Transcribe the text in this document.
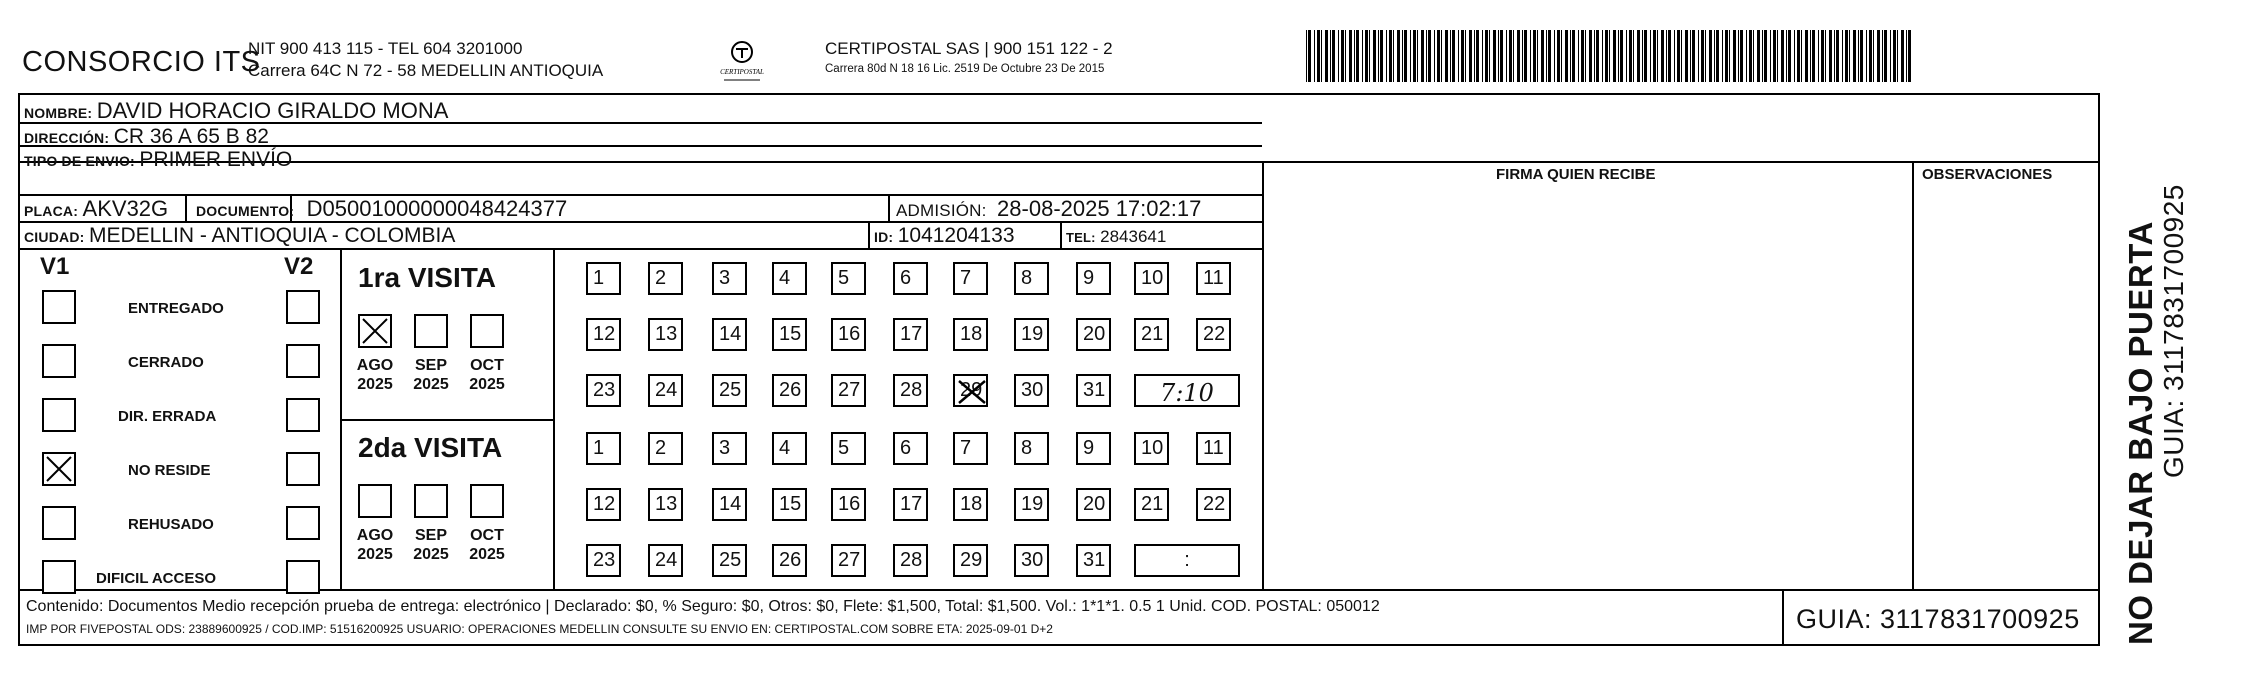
CONSORCIO ITS
NIT 900 413 115 - TEL 604 3201000
Carrera 64C N 72 - 58 MEDELLIN ANTIOQUIA	CERTIPOSTAL
CERTIPOSTAL SAS | 900 151 122 - 2
Carrera 80d N 18 16 Lic. 2519 De Octubre 23 De 2015
NOMBRE: DAVID HORACIO GIRALDO MONA
DIRECCIÓN: CR 36 A 65 B 82
TIPO DE ENVIO: PRIMER ENVÍO
PLACA: AKV32G DOCUMENTO: D05001000000048424377	ADMISIÓN: 28-08-2025 17:02:17
CIUDAD: MEDELLIN - ANTIOQUIA - COLOMBIA	ID: 1041204133	TEL: 2843641
FIRMA QUIEN RECIBE	OBSERVACIONES
V1	V2
ENTREGADO
CERRADO
DIR. ERRADA
NO RESIDE
REHUSADO
DIFICIL ACCESO
1ra VISITA
AGO
2025
SEP
2025
OCT
2025
1	2	3	4	5	6	7	8	9	10	11
12	13	14	15	16	17	18	19	20	21	22
23	24	25	26	27	28	29	30	31	7:10
2da VISITA
AGO
2025
SEP
2025
OCT
2025
1	2	3	4	5	6	7	8	9	10	11
12	13	14	15	16	17	18	19	20	21	22
23	24	25	26	27	28	29	30	31	:
Contenido: Documentos Medio recepción prueba de entrega: electrónico | Declarado: $0, % Seguro: $0, Otros: $0, Flete: $1,500, Total: $1,500. Vol.: 1*1*1. 0.5 1 Unid. COD. POSTAL: 050012
IMP POR FIVEPOSTAL ODS: 23889600925 / COD.IMP: 51516200925 USUARIO: OPERACIONES MEDELLIN CONSULTE SU ENVIO EN: CERTIPOSTAL.COM SOBRE ETA: 2025-09-01 D+2	GUIA: 3117831700925 NO DEJAR BAJO PUERTA GUIA: 3117831700925
